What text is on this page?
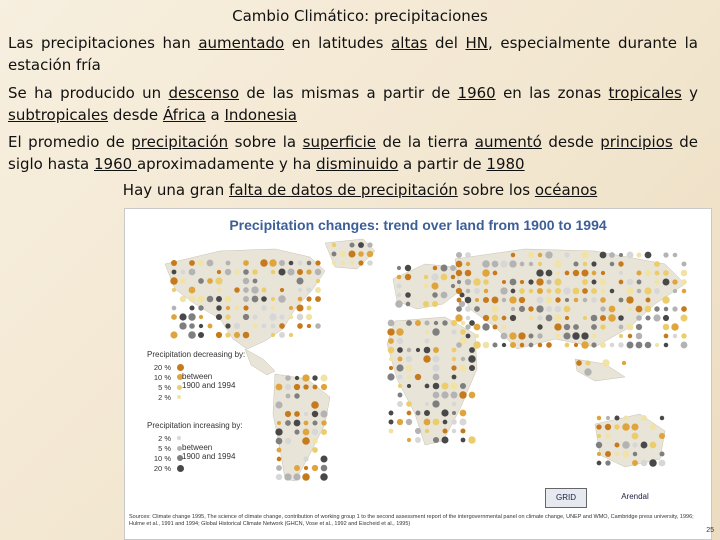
Cambio Climático: precipitaciones
Las precipitaciones han aumentado en latitudes altas del HN, especialmente durante la estación fría
Se ha producido un descenso de las mismas a partir de 1960 en las zonas tropicales y subtropicales desde África a Indonesia
El promedio de precipitación sobre la superficie de la tierra aumentó desde principios de siglo hasta 1960 aproximadamente y ha disminuido a partir de 1980
Hay una gran falta de datos de precipitación sobre los océanos
Precipitation changes: trend over land from 1900 to 1994
Precipitation decreasing by:
20 %
10 %
5 %
2 %
between
1900 and 1994
Precipitation increasing by:
2 %
5 %
10 %
20 %
between
1900 and 1994
GRID	Arendal
Sources: Climate change 1995, The science of climate change, contribution of working group 1 to the second assessment report of the intergovernmental panel on climate change, UNEP and WMO, Cambridge press university, 1996; Hulme et al., 1991 and 1994; Global Historical Climate Network (GHCN, Vose et al., 1992 and Eischeid et al., 1995)
25
